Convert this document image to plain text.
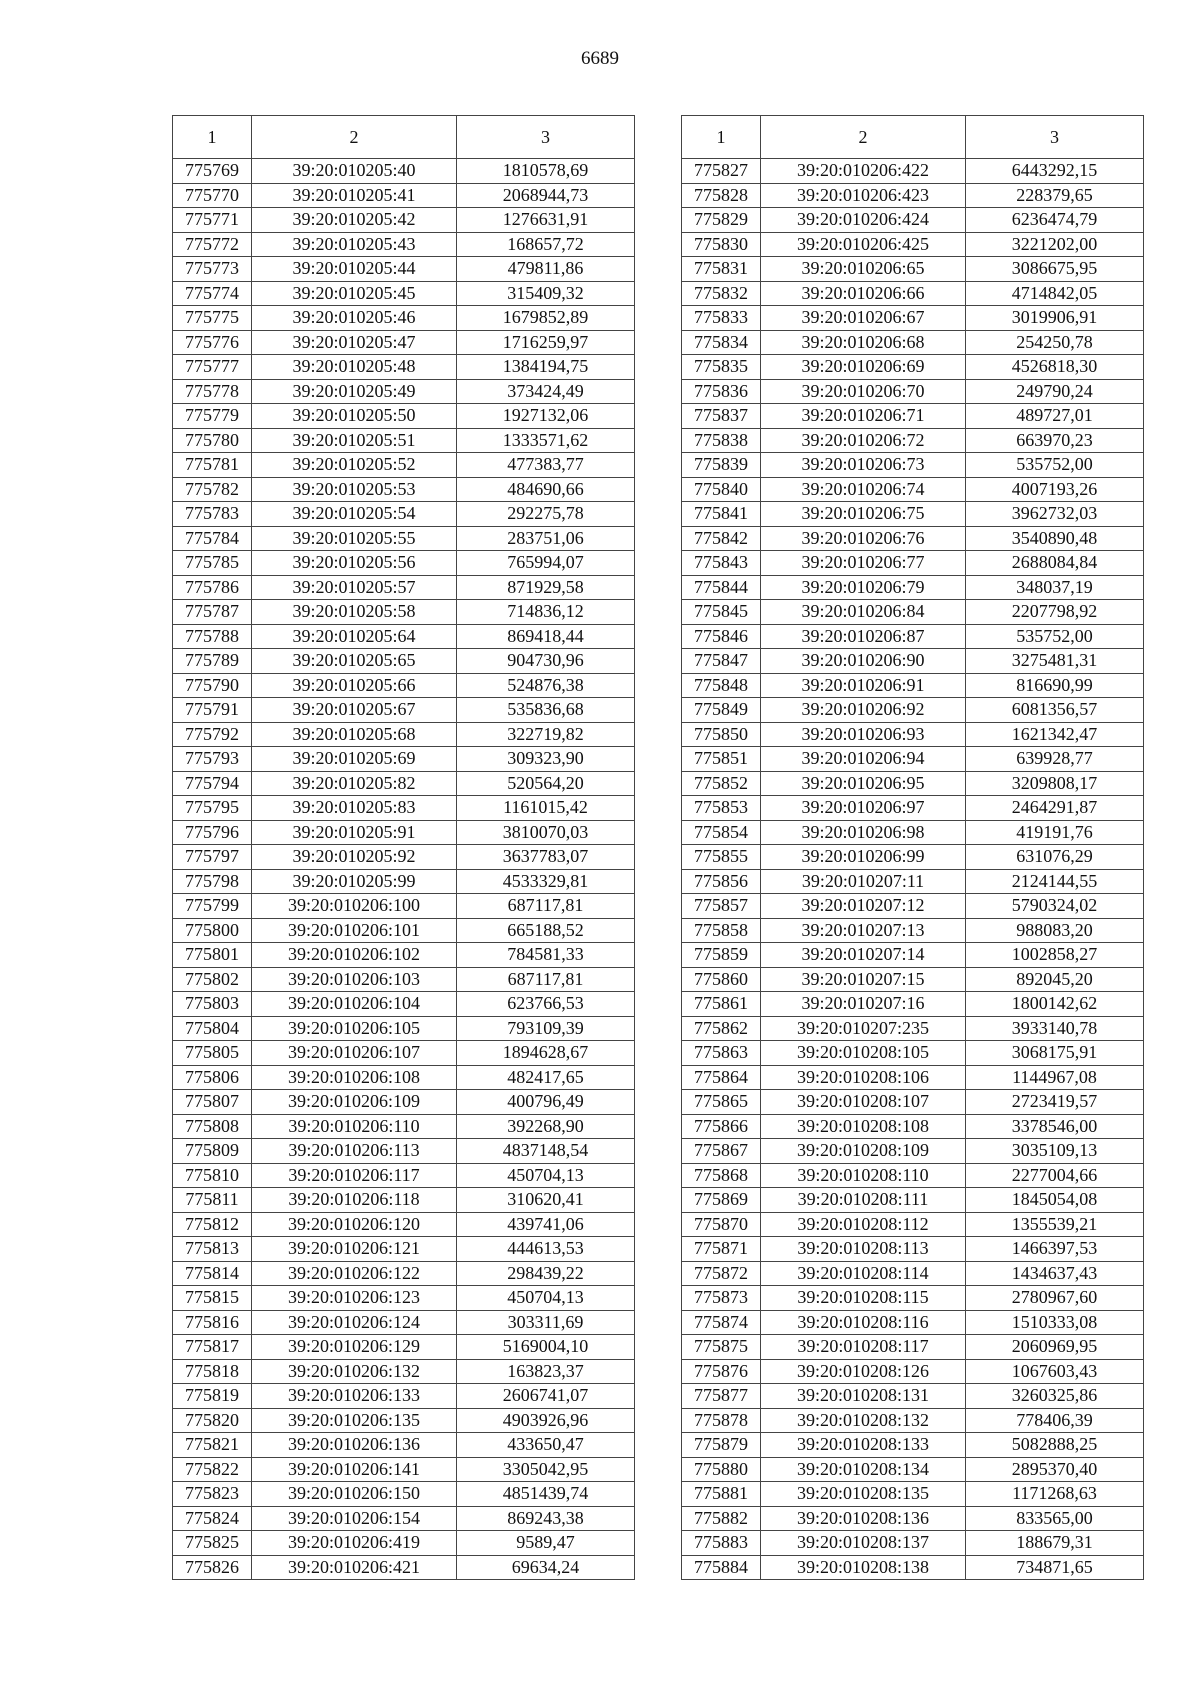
6689
1	2	3
775769	39:20:010205:40	1810578,69
775770	39:20:010205:41	2068944,73
775771	39:20:010205:42	1276631,91
775772	39:20:010205:43	168657,72
775773	39:20:010205:44	479811,86
775774	39:20:010205:45	315409,32
775775	39:20:010205:46	1679852,89
775776	39:20:010205:47	1716259,97
775777	39:20:010205:48	1384194,75
775778	39:20:010205:49	373424,49
775779	39:20:010205:50	1927132,06
775780	39:20:010205:51	1333571,62
775781	39:20:010205:52	477383,77
775782	39:20:010205:53	484690,66
775783	39:20:010205:54	292275,78
775784	39:20:010205:55	283751,06
775785	39:20:010205:56	765994,07
775786	39:20:010205:57	871929,58
775787	39:20:010205:58	714836,12
775788	39:20:010205:64	869418,44
775789	39:20:010205:65	904730,96
775790	39:20:010205:66	524876,38
775791	39:20:010205:67	535836,68
775792	39:20:010205:68	322719,82
775793	39:20:010205:69	309323,90
775794	39:20:010205:82	520564,20
775795	39:20:010205:83	1161015,42
775796	39:20:010205:91	3810070,03
775797	39:20:010205:92	3637783,07
775798	39:20:010205:99	4533329,81
775799	39:20:010206:100	687117,81
775800	39:20:010206:101	665188,52
775801	39:20:010206:102	784581,33
775802	39:20:010206:103	687117,81
775803	39:20:010206:104	623766,53
775804	39:20:010206:105	793109,39
775805	39:20:010206:107	1894628,67
775806	39:20:010206:108	482417,65
775807	39:20:010206:109	400796,49
775808	39:20:010206:110	392268,90
775809	39:20:010206:113	4837148,54
775810	39:20:010206:117	450704,13
775811	39:20:010206:118	310620,41
775812	39:20:010206:120	439741,06
775813	39:20:010206:121	444613,53
775814	39:20:010206:122	298439,22
775815	39:20:010206:123	450704,13
775816	39:20:010206:124	303311,69
775817	39:20:010206:129	5169004,10
775818	39:20:010206:132	163823,37
775819	39:20:010206:133	2606741,07
775820	39:20:010206:135	4903926,96
775821	39:20:010206:136	433650,47
775822	39:20:010206:141	3305042,95
775823	39:20:010206:150	4851439,74
775824	39:20:010206:154	869243,38
775825	39:20:010206:419	9589,47
775826	39:20:010206:421	69634,24
1	2	3
775827	39:20:010206:422	6443292,15
775828	39:20:010206:423	228379,65
775829	39:20:010206:424	6236474,79
775830	39:20:010206:425	3221202,00
775831	39:20:010206:65	3086675,95
775832	39:20:010206:66	4714842,05
775833	39:20:010206:67	3019906,91
775834	39:20:010206:68	254250,78
775835	39:20:010206:69	4526818,30
775836	39:20:010206:70	249790,24
775837	39:20:010206:71	489727,01
775838	39:20:010206:72	663970,23
775839	39:20:010206:73	535752,00
775840	39:20:010206:74	4007193,26
775841	39:20:010206:75	3962732,03
775842	39:20:010206:76	3540890,48
775843	39:20:010206:77	2688084,84
775844	39:20:010206:79	348037,19
775845	39:20:010206:84	2207798,92
775846	39:20:010206:87	535752,00
775847	39:20:010206:90	3275481,31
775848	39:20:010206:91	816690,99
775849	39:20:010206:92	6081356,57
775850	39:20:010206:93	1621342,47
775851	39:20:010206:94	639928,77
775852	39:20:010206:95	3209808,17
775853	39:20:010206:97	2464291,87
775854	39:20:010206:98	419191,76
775855	39:20:010206:99	631076,29
775856	39:20:010207:11	2124144,55
775857	39:20:010207:12	5790324,02
775858	39:20:010207:13	988083,20
775859	39:20:010207:14	1002858,27
775860	39:20:010207:15	892045,20
775861	39:20:010207:16	1800142,62
775862	39:20:010207:235	3933140,78
775863	39:20:010208:105	3068175,91
775864	39:20:010208:106	1144967,08
775865	39:20:010208:107	2723419,57
775866	39:20:010208:108	3378546,00
775867	39:20:010208:109	3035109,13
775868	39:20:010208:110	2277004,66
775869	39:20:010208:111	1845054,08
775870	39:20:010208:112	1355539,21
775871	39:20:010208:113	1466397,53
775872	39:20:010208:114	1434637,43
775873	39:20:010208:115	2780967,60
775874	39:20:010208:116	1510333,08
775875	39:20:010208:117	2060969,95
775876	39:20:010208:126	1067603,43
775877	39:20:010208:131	3260325,86
775878	39:20:010208:132	778406,39
775879	39:20:010208:133	5082888,25
775880	39:20:010208:134	2895370,40
775881	39:20:010208:135	1171268,63
775882	39:20:010208:136	833565,00
775883	39:20:010208:137	188679,31
775884	39:20:010208:138	734871,65
